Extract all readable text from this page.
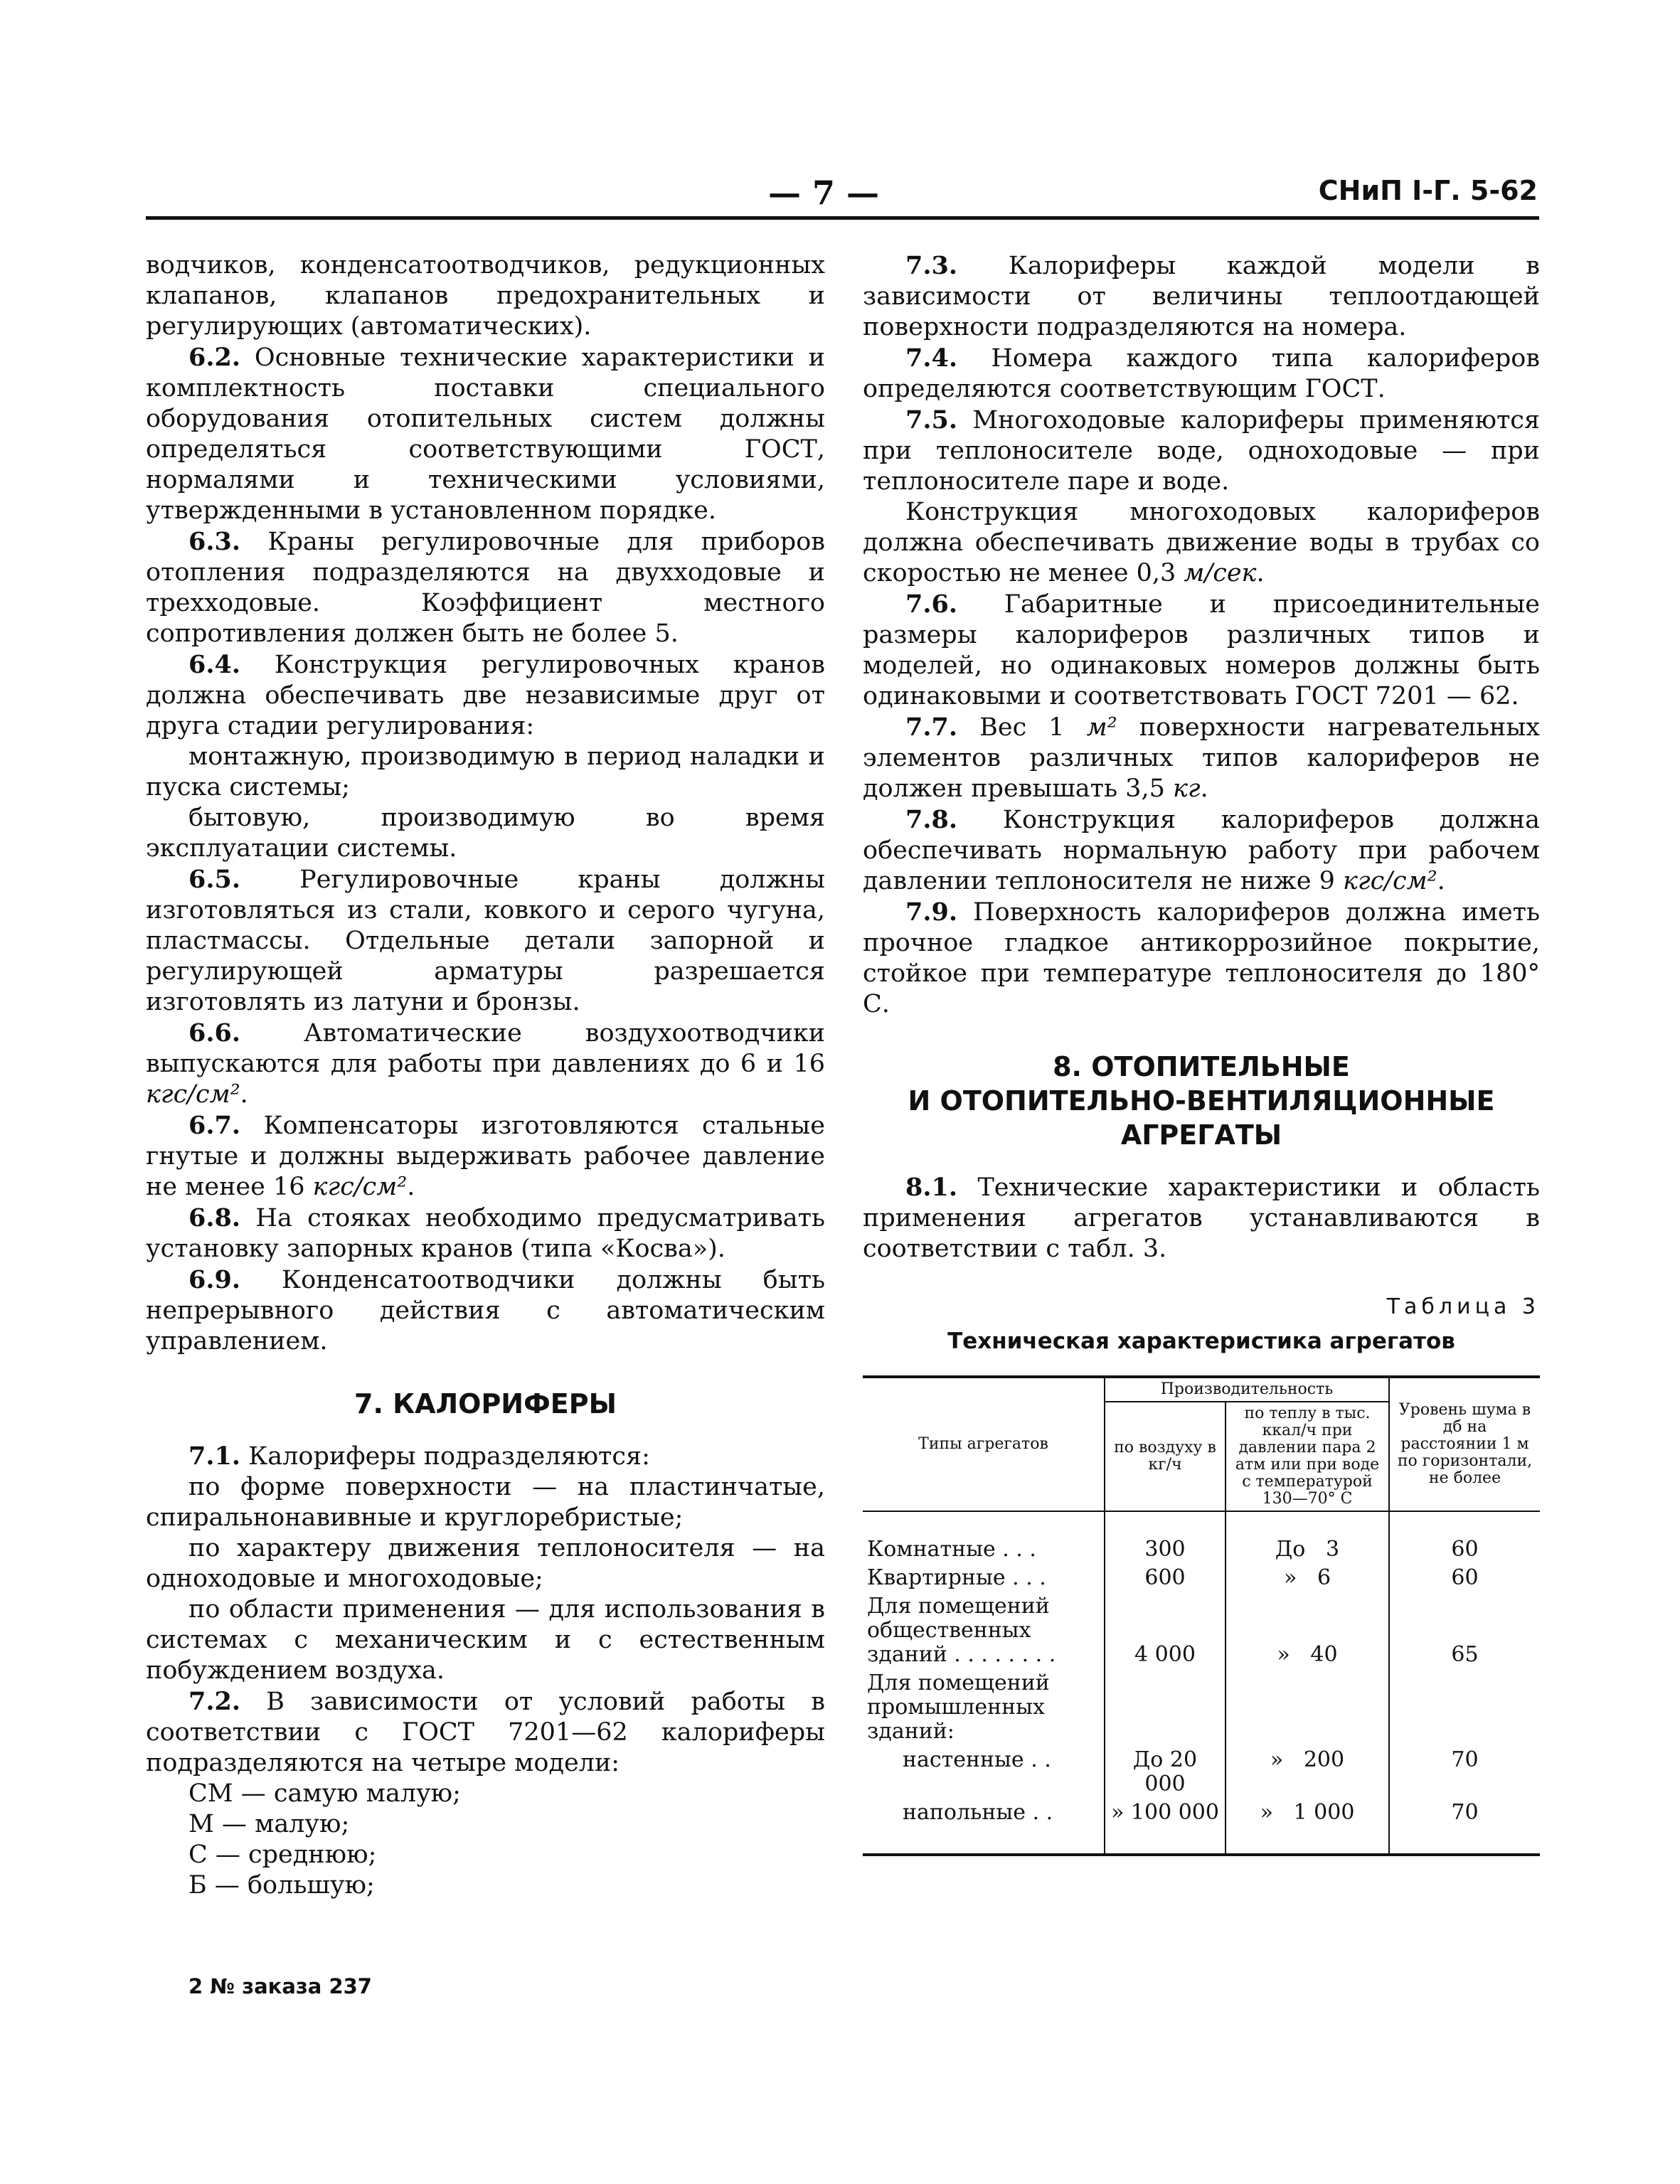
— 7 —	СНиП I-Г. 5-62

водчиков, конденсатоотводчиков, редукционных клапанов, клапанов предохранительных и регулирующих (автоматических).

6.2. Основные технические характеристики и комплектность поставки специального оборудования отопительных систем должны определяться соответствующими ГОСТ, нормалями и техническими условиями, утвержденными в установленном порядке.

6.3. Краны регулировочные для приборов отопления подразделяются на двухходовые и трехходовые. Коэффициент местного сопротивления должен быть не более 5.

6.4. Конструкция регулировочных кранов должна обеспечивать две независимые друг от друга стадии регулирования:

монтажную, производимую в период наладки и пуска системы;

бытовую, производимую во время эксплуатации системы.

6.5. Регулировочные краны должны изготовляться из стали, ковкого и серого чугуна, пластмассы. Отдельные детали запорной и регулирующей арматуры разрешается изготовлять из латуни и бронзы.

6.6. Автоматические воздухоотводчики выпускаются для работы при давлениях до 6 и 16 кгс/см².

6.7. Компенсаторы изготовляются стальные гнутые и должны выдерживать рабочее давление не менее 16 кгс/см².

6.8. На стояках необходимо предусматривать установку запорных кранов (типа «Косва»).

6.9. Конденсатоотводчики должны быть непрерывного действия с автоматическим управлением.

7. КАЛОРИФЕРЫ

7.1. Калориферы подразделяются:

по форме поверхности — на пластинчатые, спиральнонавивные и круглоребристые;

по характеру движения теплоносителя — на одноходовые и многоходовые;

по области применения — для использования в системах с механическим и с естественным побуждением воздуха.

7.2. В зависимости от условий работы в соответствии с ГОСТ 7201—62 калориферы подразделяются на четыре модели:

СМ — самую малую;

М — малую;

С — среднюю;

Б — большую;

7.3. Калориферы каждой модели в зависимости от величины теплоотдающей поверхности подразделяются на номера.

7.4. Номера каждого типа калориферов определяются соответствующим ГОСТ.

7.5. Многоходовые калориферы применяются при теплоносителе воде, одноходовые — при теплоносителе паре и воде.

Конструкция многоходовых калориферов должна обеспечивать движение воды в трубах со скоростью не менее 0,3 м/сек.

7.6. Габаритные и присоединительные размеры калориферов различных типов и моделей, но одинаковых номеров должны быть одинаковыми и соответствовать ГОСТ 7201 — 62.

7.7. Вес 1 м² поверхности нагревательных элементов различных типов калориферов не должен превышать 3,5 кг.

7.8. Конструкция калориферов должна обеспечивать нормальную работу при рабочем давлении теплоносителя не ниже 9 кгс/см².

7.9. Поверхность калориферов должна иметь прочное гладкое антикоррозийное покрытие, стойкое при температуре теплоносителя до 180° С.

8. ОТОПИТЕЛЬНЫЕ

И ОТОПИТЕЛЬНО-ВЕНТИЛЯЦИОННЫЕ

АГРЕГАТЫ

8.1. Технические характеристики и область применения агрегатов устанавливаются в соответствии с табл. 3.

Таблица 3
Техническая характеристика агрегатов
Типы агрегатов	Производительность		Уровень шума в дб на расстоянии 1 м по горизонтали, не более
	по воздуху в кг/ч	по теплу в тыс. ккал/ч при давлении пара 2 атм или при воде с температурой 130—70° С	
Комнатные . . .	300	До 3	60
Квартирные . . .	600	» 6	60
Для помещений общественных зданий . . . . . . . .	4 000	» 40	65
Для помещений промышленных зданий:			
настенные . .	До 20 000	» 200	70
напольные . .	» 100 000	» 1 000	70
2 № заказа 237
